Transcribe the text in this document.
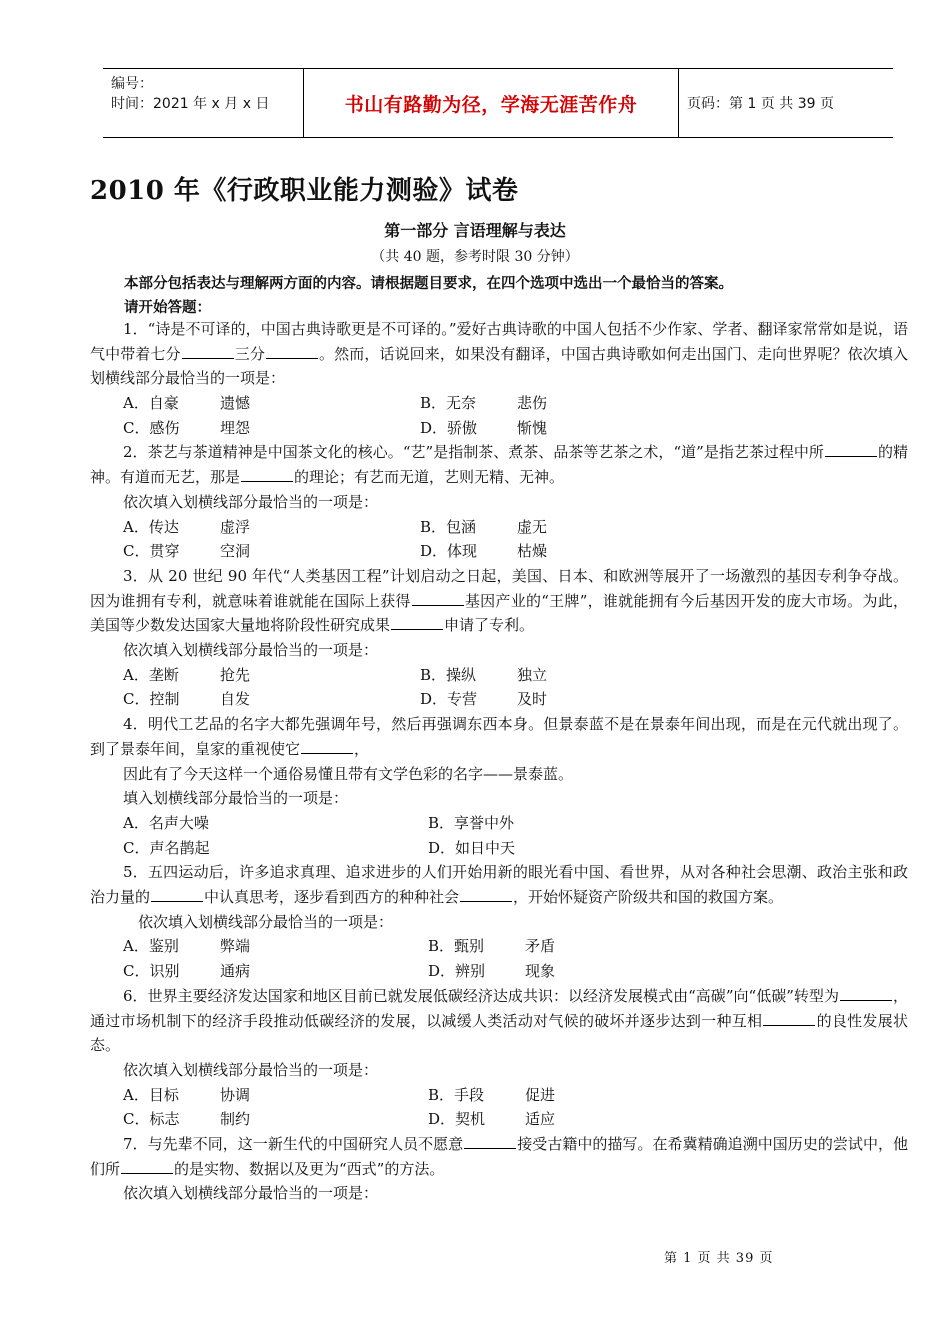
编号：
时间：2021 年 x 月 x 日	书山有路勤为径，学海无涯苦作舟	页码：第 1 页 共 39 页
2010 年《行政职业能力测验》试卷
第一部分 言语理解与表达
（共 40 题，参考时限 30 分钟）
本部分包括表达与理解两方面的内容。请根据题目要求，在四个选项中选出一个最恰当的答案。
请开始答题：

1．“诗是不可译的，中国古典诗歌更是不可译的。”爱好古典诗歌的中国人包括不少作家、学者、翻译家常常如是说，语气中带着七分	三分	。然而，话说回来，如果没有翻译，中国古典诗歌如何走出国门、走向世界呢？依次填入划横线部分最恰当的一项是：

A．自豪	遗憾	B．无奈	悲伤
C．感伤	埋怨	D．骄傲	惭愧

2．茶艺与茶道精神是中国茶文化的核心。“艺”是指制茶、煮茶、品茶等艺茶之术，“道”是指艺茶过程中所	的精神。有道而无艺，那是	的理论；有艺而无道，艺则无精、无神。

依次填入划横线部分最恰当的一项是：

A．传达	虚浮	B．包涵	虚无
C．贯穿	空洞	D．体现	枯燥

3．从 20 世纪 90 年代“人类基因工程”计划启动之日起，美国、日本、和欧洲等展开了一场激烈的基因专利争夺战。因为谁拥有专利，就意味着谁就能在国际上获得	基因产业的“王牌”，谁就能拥有今后基因开发的庞大市场。为此，美国等少数发达国家大量地将阶段性研究成果	申请了专利。

依次填入划横线部分最恰当的一项是：

A．垄断	抢先	B．操纵	独立
C．控制	自发	D．专营	及时

4．明代工艺品的名字大都先强调年号，然后再强调东西本身。但景泰蓝不是在景泰年间出现，而是在元代就出现了。到了景泰年间，皇家的重视使它	，

因此有了今天这样一个通俗易懂且带有文学色彩的名字——景泰蓝。

填入划横线部分最恰当的一项是：

A．名声大噪	B．享誉中外
C．声名鹊起	D．如日中天

5．五四运动后，许多追求真理、追求进步的人们开始用新的眼光看中国、看世界，从对各种社会思潮、政治主张和政治力量的	中认真思考，逐步看到西方的种种社会	，开始怀疑资产阶级共和国的救国方案。

依次填入划横线部分最恰当的一项是：

A．鉴别	弊端	B．甄别	矛盾
C．识别	通病	D．辨别	现象

6．世界主要经济发达国家和地区目前已就发展低碳经济达成共识：以经济发展模式由“高碳”向“低碳”转型为	，通过市场机制下的经济手段推动低碳经济的发展，以减缓人类活动对气候的破坏并逐步达到一种互相	的良性发展状态。

依次填入划横线部分最恰当的一项是：

A．目标	协调	B．手段	促进
C．标志	制约	D．契机	适应

7．与先辈不同，这一新生代的中国研究人员不愿意	接受古籍中的描写。在希冀精确追溯中国历史的尝试中，他们所	的是实物、数据以及更为“西式”的方法。

依次填入划横线部分最恰当的一项是：

第 1 页 共 39 页
